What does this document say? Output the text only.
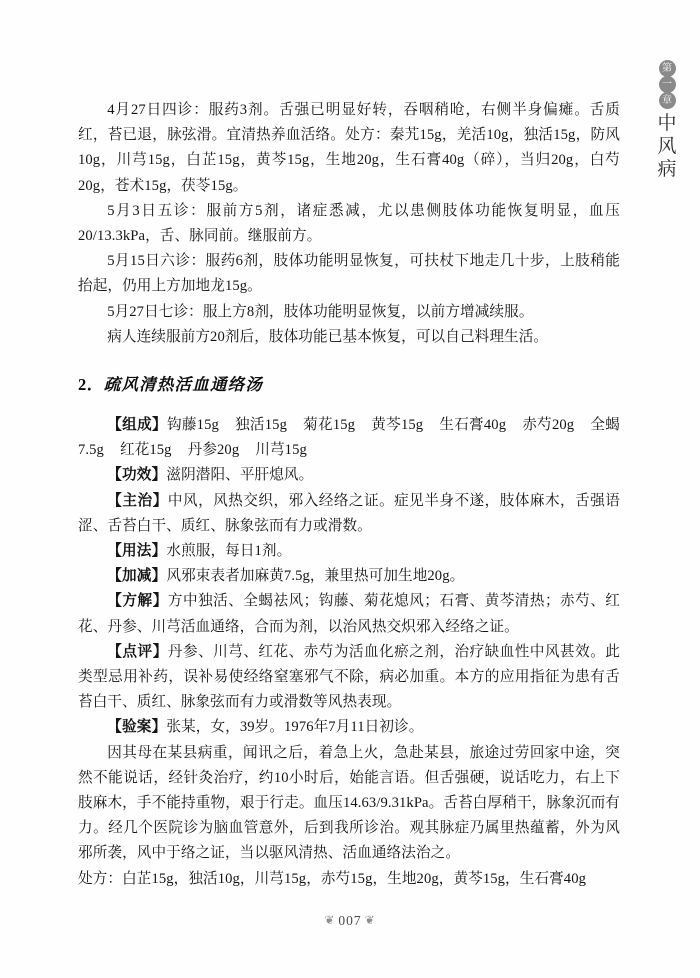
第
一
章
中
风
病

4月27日四诊：服药3剂。舌强已明显好转，吞咽稍呛，右侧半身偏瘫。舌质红，苔已退，脉弦滑。宜清热养血活络。处方：秦艽15g，羌活10g，独活15g，防风10g，川芎15g，白芷15g，黄芩15g，生地20g，生石膏40g（碎），当归20g，白芍20g，苍术15g，茯苓15g。

5月3日五诊：服前方5剂，诸症悉减，尤以患侧肢体功能恢复明显，血压20/13.3kPa，舌、脉同前。继服前方。

5月15日六诊：服药6剂，肢体功能明显恢复，可扶杖下地走几十步，上肢稍能抬起，仍用上方加地龙15g。

5月27日七诊：服上方8剂，肢体功能明显恢复，以前方增减续服。

病人连续服前方20剂后，肢体功能已基本恢复，可以自己料理生活。

2．疏风清热活血通络汤

【组成】钩藤15g 独活15g 菊花15g 黄芩15g 生石膏40g 赤芍20g 全蝎7.5g 红花15g 丹参20g 川芎15g

【功效】滋阴潜阳、平肝熄风。

【主治】中风，风热交织，邪入经络之证。症见半身不遂，肢体麻木，舌强语涩、舌苔白干、质红、脉象弦而有力或滑数。

【用法】水煎服，每日1剂。

【加减】风邪束表者加麻黄7.5g，兼里热可加生地20g。

【方解】方中独活、全蝎祛风；钩藤、菊花熄风；石膏、黄芩清热；赤芍、红花、丹参、川芎活血通络，合而为剂，以治风热交炽邪入经络之证。

【点评】丹参、川芎、红花、赤芍为活血化瘀之剂，治疗缺血性中风甚效。此类型忌用补药，误补易使经络窒塞邪气不除，病必加重。本方的应用指征为患有舌苔白干、质红、脉象弦而有力或滑数等风热表现。

【验案】张某，女，39岁。1976年7月11日初诊。

因其母在某县病重，闻讯之后，着急上火，急赴某县，旅途过劳回家中途，突然不能说话，经针灸治疗，约10小时后，始能言语。但舌强硬，说话吃力，右上下肢麻木，手不能持重物，艰于行走。血压14.63/9.31kPa。舌苔白厚稍干，脉象沉而有力。经几个医院诊为脑血管意外，后到我所诊治。观其脉症乃属里热蕴蓄，外为风邪所袭，风中于络之证，当以驱风清热、活血通络法治之。

处方：白芷15g，独活10g，川芎15g，赤芍15g，生地20g，黄芩15g，生石膏40g

❦ 007 ❦
